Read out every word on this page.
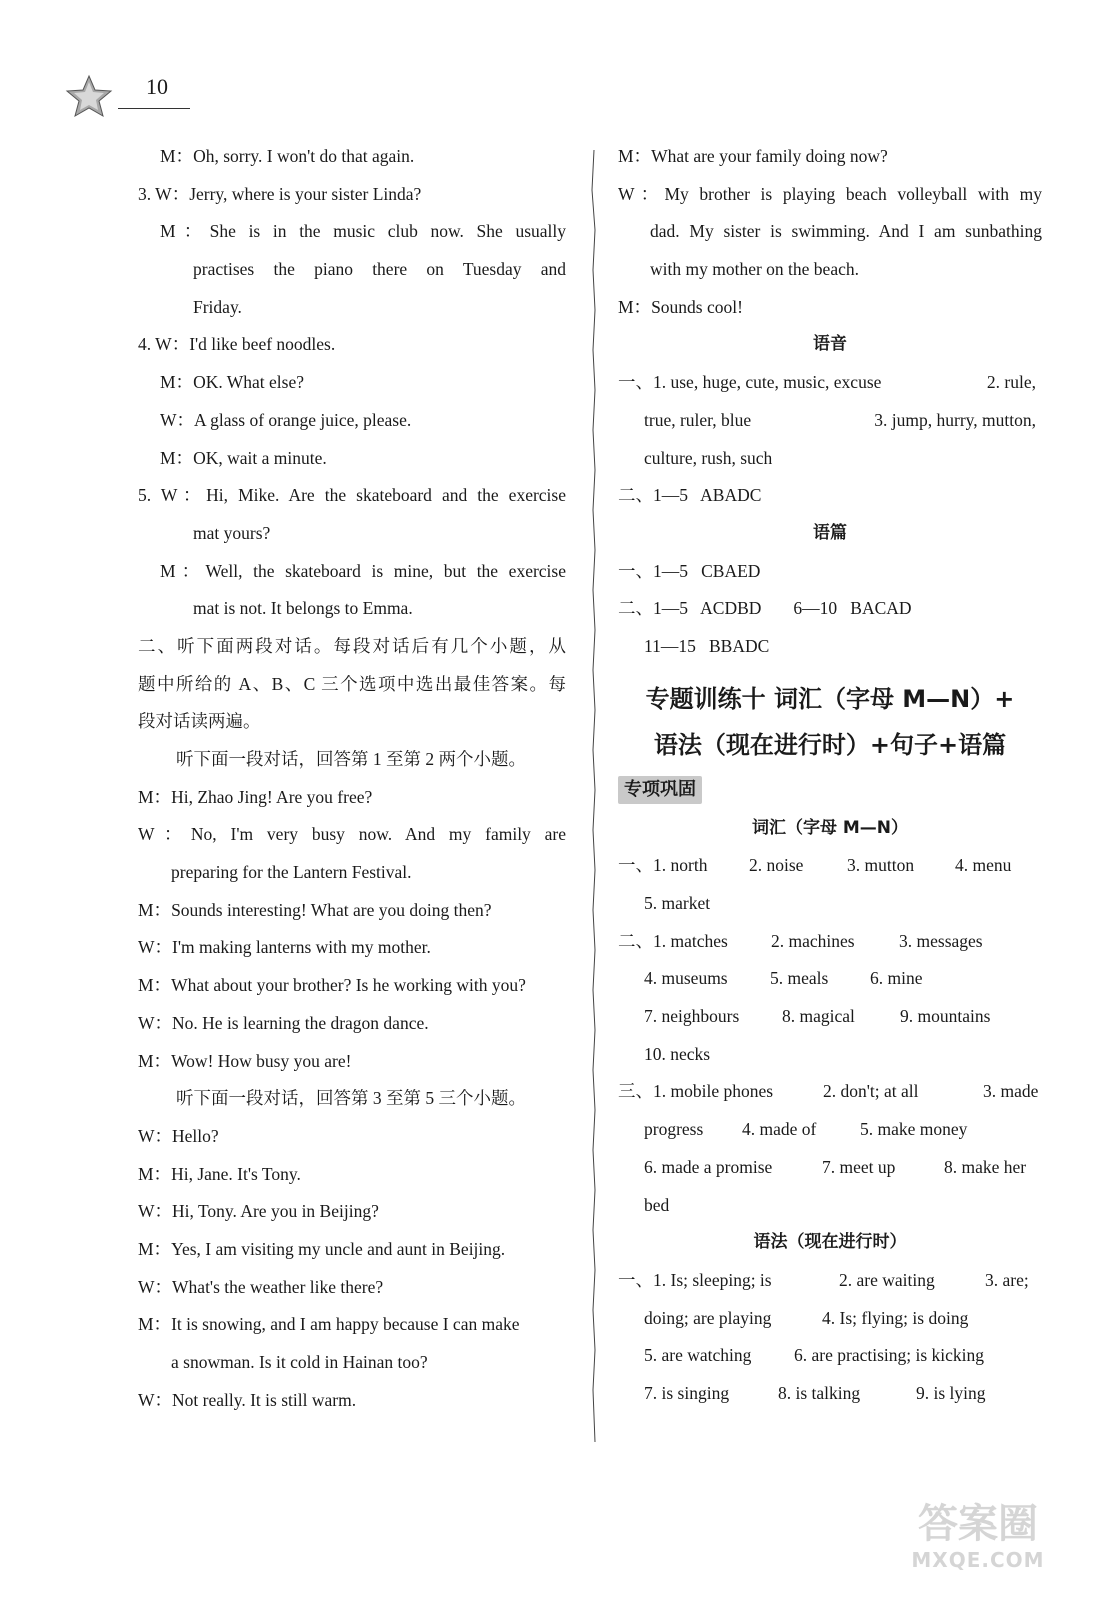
10
M：Oh, sorry. I won't do that again.
3. W：Jerry, where is your sister Linda?
M：She is in the music club now. She usually
practises the piano there on Tuesday and
Friday.
4. W：I'd like beef noodles.
M：OK. What else?
W：A glass of orange juice, please.
M：OK, wait a minute.
5. W：Hi, Mike. Are the skateboard and the exercise
mat yours?
M：Well, the skateboard is mine, but the exercise
mat is not. It belongs to Emma.
二、听下面两段对话。每段对话后有几个小题，从
题中所给的 A、B、C 三个选项中选出最佳答案。每
段对话读两遍。
听下面一段对话，回答第 1 至第 2 两个小题。
M：Hi, Zhao Jing! Are you free?
W：No, I'm very busy now. And my family are
preparing for the Lantern Festival.
M：Sounds interesting! What are you doing then?
W：I'm making lanterns with my mother.
M：What about your brother? Is he working with you?
W：No. He is learning the dragon dance.
M：Wow! How busy you are!
听下面一段对话，回答第 3 至第 5 三个小题。
W：Hello?
M：Hi, Jane. It's Tony.
W：Hi, Tony. Are you in Beijing?
M：Yes, I am visiting my uncle and aunt in Beijing.
W：What's the weather like there?
M：It is snowing, and I am happy because I can make
a snowman. Is it cold in Hainan too?
W：Not really. It is still warm.
M：What are your family doing now?
W：My brother is playing beach volleyball with my
dad. My sister is swimming. And I am sunbathing
with my mother on the beach.
M：Sounds cool!
语音
一、1. use, huge, cute, music, excuse	2. rule,
true, ruler, blue	3. jump, hurry, mutton,
culture, rush, such
二、1—5   ABADC
语篇
一、1—5   CBAED
二、1—5   ACDBD 6—10   BACAD
11—15   BBADC
专题训练十 词汇（字母 M—N）+
语法（现在进行时）+句子+语篇
专项巩固
词汇（字母 M—N）
一、 1. north	2. noise	3. mutton	4. menu
5. market
二、 1. matches	2. machines	3. messages
4. museums	5. meals	6. mine
7. neighbours	8. magical	9. mountains
10. necks
三、 1. mobile phones	2. don't; at all	3. made
progress	4. made of	5. make money
6. made a promise	7. meet up	8. make her
bed
语法（现在进行时）
一、 1. Is; sleeping; is	2. are waiting	3. are;
doing; are playing	4. Is; flying; is doing
5. are watching	6. are practising; is kicking
7. is singing	8. is talking	9. is lying
答案圈
MXQE.COM
